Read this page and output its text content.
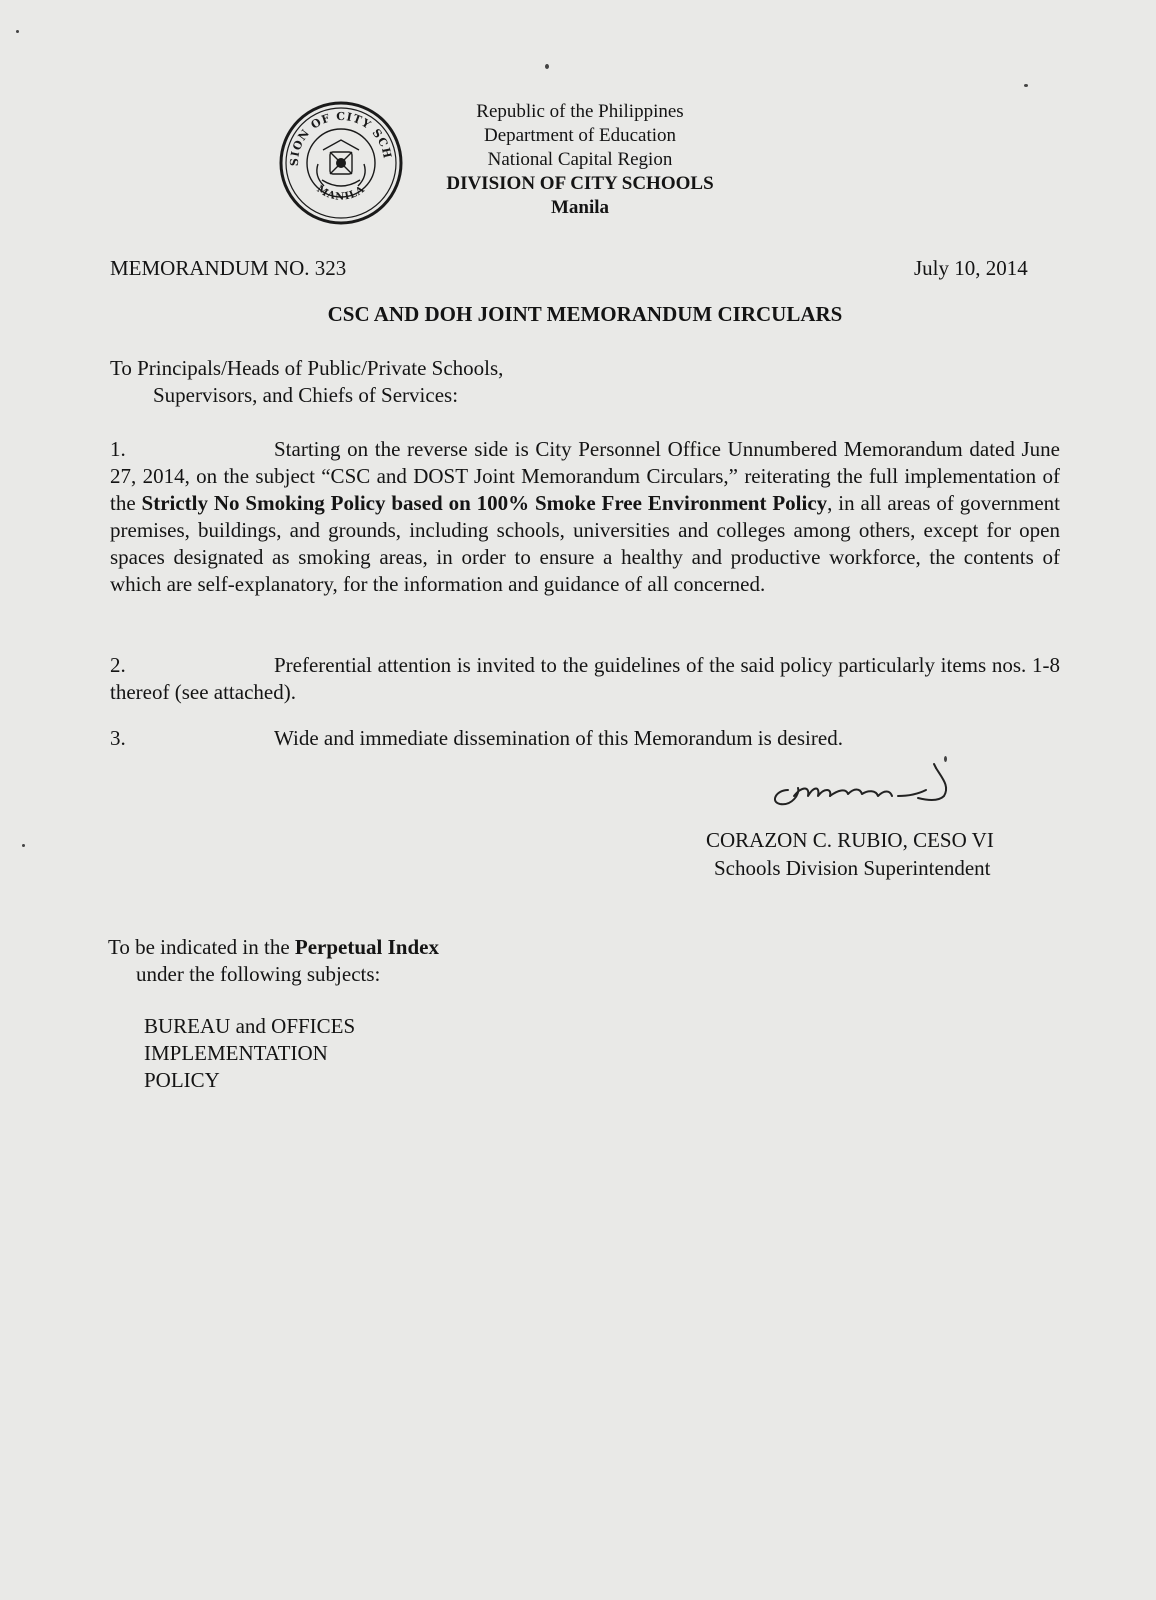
SION OF CITY SCH
MANILA
Republic of the Philippines
Department of Education
National Capital Region
DIVISION OF CITY SCHOOLS
Manila
MEMORANDUM NO. 323	July 10, 2014
CSC AND DOH JOINT MEMORANDUM CIRCULARS
To Principals/Heads of Public/Private Schools,
Supervisors, and Chiefs of Services:
1.	Starting on the reverse side is City Personnel Office Unnumbered Memorandum dated June 27, 2014, on the subject “CSC and DOST Joint Memorandum Circulars,” reiterating the full implementation of the Strictly No Smoking Policy based on 100% Smoke Free Environment Policy, in all areas of government premises, buildings, and grounds, including schools, universities and colleges among others, except for open spaces designated as smoking areas, in order to ensure a healthy and productive workforce, the contents of which are self-explanatory, for the information and guidance of all concerned.
2.	Preferential attention is invited to the guidelines of the said policy particularly items nos. 1-8 thereof (see attached).
3.	Wide and immediate dissemination of this Memorandum is desired.
CORAZON C. RUBIO, CESO VI
Schools Division Superintendent
To be indicated in the Perpetual Index
under the following subjects:
BUREAU and OFFICES
IMPLEMENTATION
POLICY
